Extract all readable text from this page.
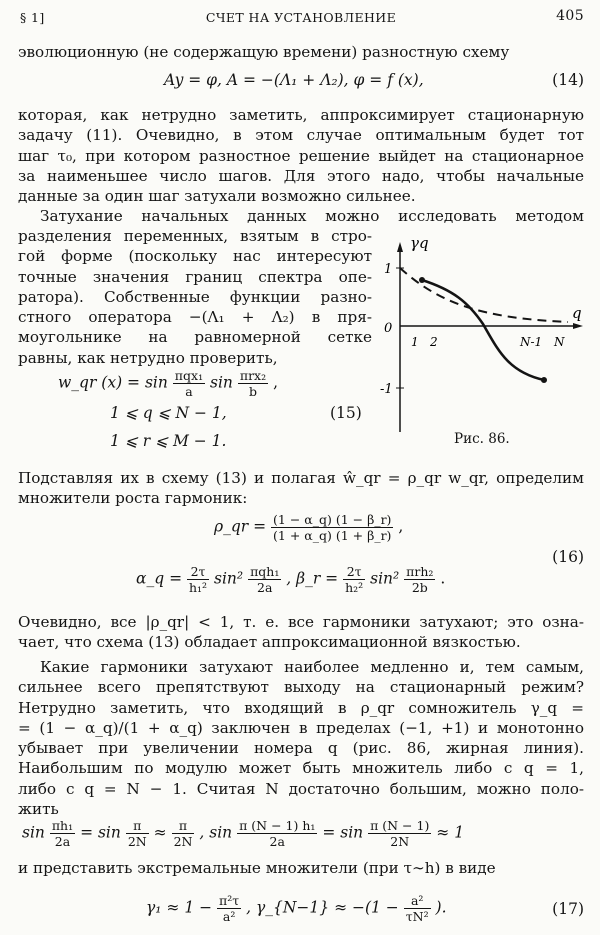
§ 1]	СЧЕТ НА УСТАНОВЛЕНИЕ	405
эволюционную (не содержащую времени) разностную схему
Ay = φ, A = −(Λ₁ + Λ₂), φ = f (x),	(14)
которая, как нетрудно заметить, аппроксимирует стационарную
задачу (11). Очевидно, в этом случае оптимальным будет тот
шаг τ₀, при котором разностное решение выйдет на стационарное
за наименьшее число шагов. Для этого надо, чтобы начальные
данные за один шаг затухали возможно сильнее.
Затухание начальных данных можно исследовать методом
разделения переменных, взятым в стро-
гой форме (поскольку нас интересуют
точные значения границ спектра опе-
ратора). Собственные функции разно-
стного оператора −(Λ₁ + Λ₂) в пря-
моугольнике на равномерной сетке
равны, как нетрудно проверить,
w_qr $(x) = \sin \frac{\text{πqx₁}}{a}$ $\sin \frac{\text{πrx₂}}{b}$ ,
1 ⩽ q ⩽ N − 1,
1 ⩽ r ⩽ M − 1.
(15)
γq
q
1
0
-1
1 2	N-1 N
Рис. 86.
Подставляя их в схему (13) и полагая ŵ_qr = ρ_qr w_qr, определим
множители роста гармоник:
ρ_qr = $\frac{(1 - \alpha\_q) (1 - \beta\_r)}{(1 + \alpha\_q) (1 + \beta\_r)}$ ,
α_q = $\frac{2\tau}{\text{h₁²}} \sin^2 \frac{\text{πqh₁}}{2a}$ , β_r = $\frac{2\tau}{\text{h₂²}} \sin^2 \frac{\text{πrh₂}}{2b}$ .
(16)
Очевидно, все |ρ_qr| < 1, т. е. все гармоники затухают; это озна-
чает, что схема (13) обладает аппроксимационной вязкостью.
Какие гармоники затухают наиболее медленно и, тем самым,
сильнее всего препятствуют выходу на стационарный режим?
Нетрудно заметить, что входящий в ρ_qr сомножитель γ_q =
= (1 − α_q)/(1 + α_q) заключен в пределах (−1, +1) и монотонно
убывает при увеличении номера q (рис. 86, жирная линия).
Наибольшим по модулю может быть множитель либо с q = 1,
либо с q = N − 1. Считая N достаточно большим, можно поло-
жить
$\sin \frac{\text{πh₁}}{2a} = \sin \frac{\pi}{2N} \approx \frac{\pi}{2N}$ , $\sin \frac{\text{π (N − 1) h₁}}{2a} = \sin \frac{\pi (N - 1)}{2N} \approx 1$
и представить экстремальные множители (при τ∼h) в виде
$\gamma_1 \approx 1 - \frac{\text{π²τ}}{\text{a²}}$ , γ_{N−1} ≈ $-(1 - \frac{\text{a²}}{\text{τN²}}$ ).	(17)
